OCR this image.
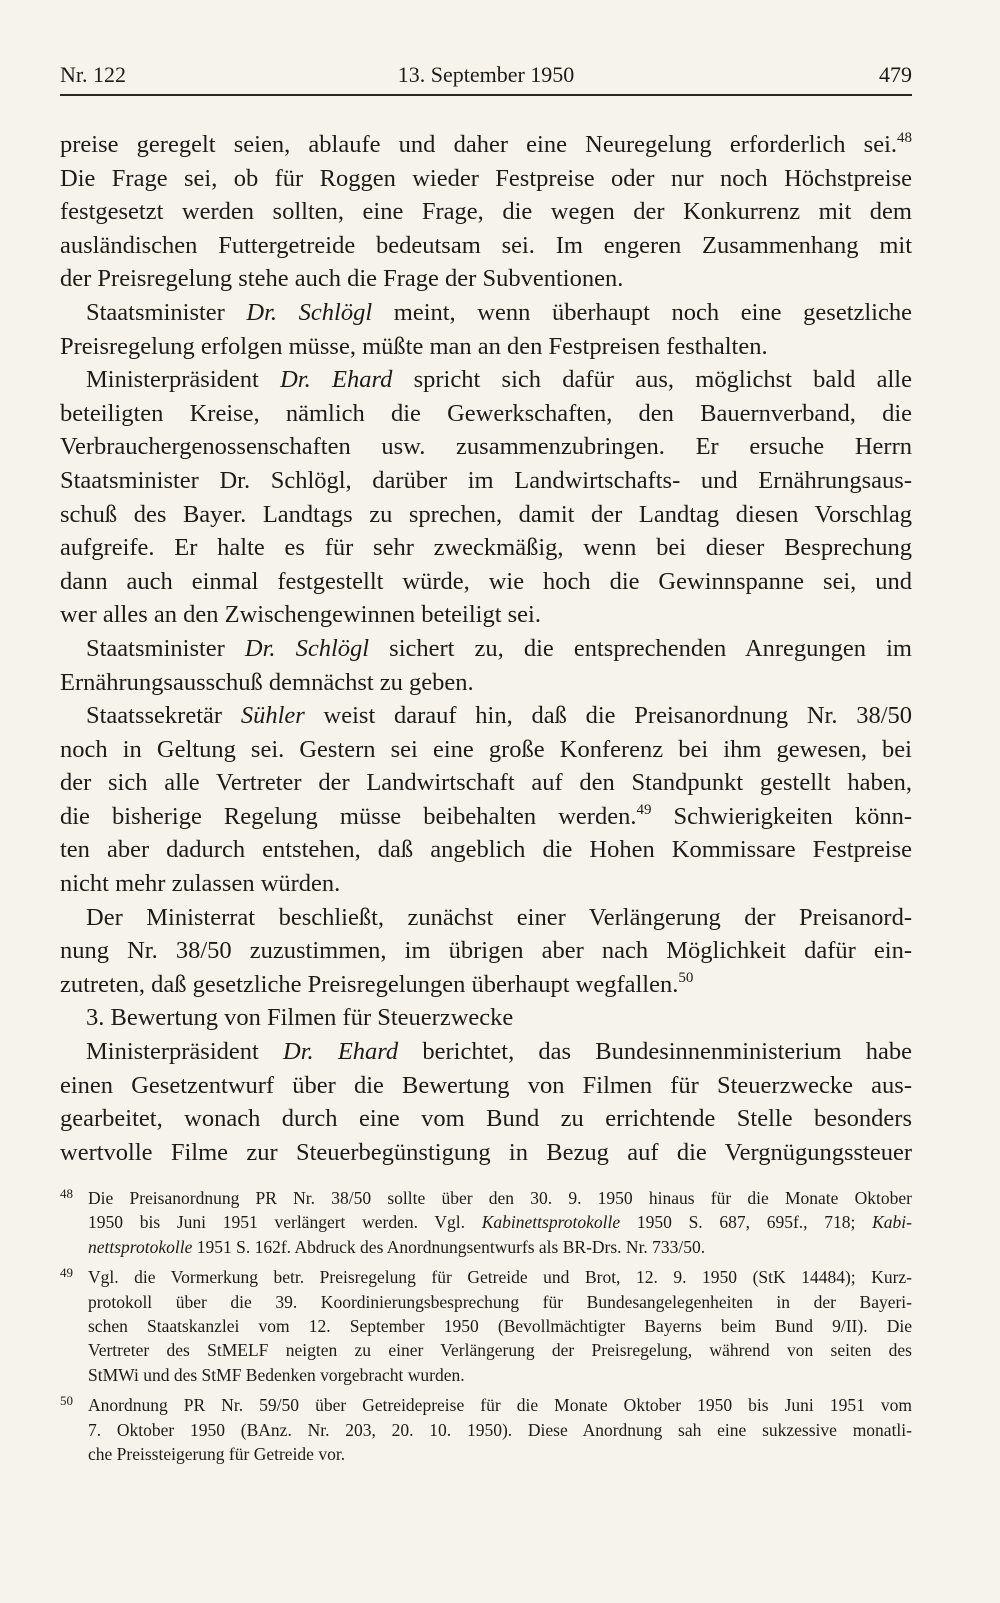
Nr. 122	13. September 1950	479
preise geregelt seien, ablaufe und daher eine Neuregelung erforderlich sei.$^{48}$
Die Frage sei, ob für Roggen wieder Festpreise oder nur noch Höchstpreise
festgesetzt werden sollten, eine Frage, die wegen der Konkurrenz mit dem
ausländischen Futtergetreide bedeutsam sei. Im engeren Zusammenhang mit
der Preisregelung stehe auch die Frage der Subventionen.
Staatsminister Dr. Schlögl meint, wenn überhaupt noch eine gesetzliche
Preisregelung erfolgen müsse, müßte man an den Festpreisen festhalten.
Ministerpräsident Dr. Ehard spricht sich dafür aus, möglichst bald alle
beteiligten Kreise, nämlich die Gewerkschaften, den Bauernverband, die
Verbrauchergenossenschaften usw. zusammenzubringen. Er ersuche Herrn
Staatsminister Dr. Schlögl, darüber im Landwirtschafts- und Ernährungsaus-
schuß des Bayer. Landtags zu sprechen, damit der Landtag diesen Vorschlag
aufgreife. Er halte es für sehr zweckmäßig, wenn bei dieser Besprechung
dann auch einmal festgestellt würde, wie hoch die Gewinnspanne sei, und
wer alles an den Zwischengewinnen beteiligt sei.
Staatsminister Dr. Schlögl sichert zu, die entsprechenden Anregungen im
Ernährungsausschuß demnächst zu geben.
Staatssekretär Sühler weist darauf hin, daß die Preisanordnung Nr. 38/50
noch in Geltung sei. Gestern sei eine große Konferenz bei ihm gewesen, bei
der sich alle Vertreter der Landwirtschaft auf den Standpunkt gestellt haben,
die bisherige Regelung müsse beibehalten werden.$^{49}$ Schwierigkeiten könn-
ten aber dadurch entstehen, daß angeblich die Hohen Kommissare Festpreise
nicht mehr zulassen würden.
Der Ministerrat beschließt, zunächst einer Verlängerung der Preisanord-
nung Nr. 38/50 zuzustimmen, im übrigen aber nach Möglichkeit dafür ein-
zutreten, daß gesetzliche Preisregelungen überhaupt wegfallen.$^{50}$
3. Bewertung von Filmen für Steuerzwecke
Ministerpräsident Dr. Ehard berichtet, das Bundesinnenministerium habe
einen Gesetzentwurf über die Bewertung von Filmen für Steuerzwecke aus-
gearbeitet, wonach durch eine vom Bund zu errichtende Stelle besonders
wertvolle Filme zur Steuerbegünstigung in Bezug auf die Vergnügungssteuer
48 Die Preisanordnung PR Nr. 38/50 sollte über den 30. 9. 1950 hinaus für die Monate Oktober
1950 bis Juni 1951 verlängert werden. Vgl. Kabinettsprotokolle 1950 S. 687, 695f., 718; Kabi-
nettsprotokolle 1951 S. 162f. Abdruck des Anordnungsentwurfs als BR-Drs. Nr. 733/50.
49 Vgl. die Vormerkung betr. Preisregelung für Getreide und Brot, 12. 9. 1950 (StK 14484); Kurz-
protokoll über die 39. Koordinierungsbesprechung für Bundesangelegenheiten in der Bayeri-
schen Staatskanzlei vom 12. September 1950 (Bevollmächtigter Bayerns beim Bund 9/II). Die
Vertreter des StMELF neigten zu einer Verlängerung der Preisregelung, während von seiten des
StMWi und des StMF Bedenken vorgebracht wurden.
50 Anordnung PR Nr. 59/50 über Getreidepreise für die Monate Oktober 1950 bis Juni 1951 vom
7. Oktober 1950 (BAnz. Nr. 203, 20. 10. 1950). Diese Anordnung sah eine sukzessive monatli-
che Preissteigerung für Getreide vor.
